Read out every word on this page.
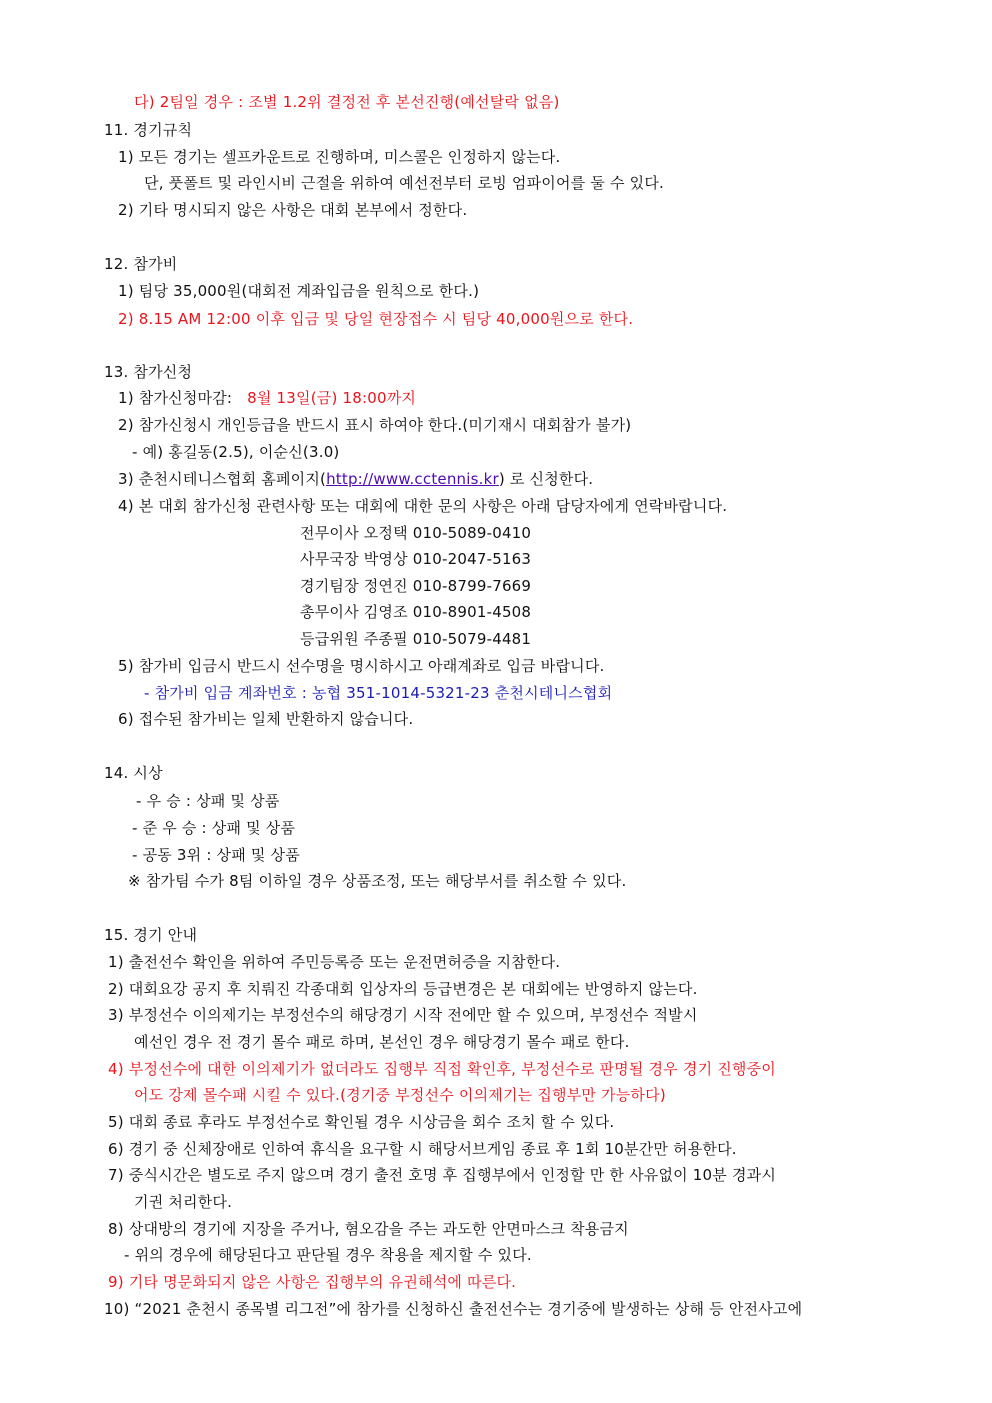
다) 2팀일 경우 : 조별 1.2위 결정전 후 본선진행(예선탈락 없음)
11. 경기규칙
1) 모든 경기는 셀프카운트로 진행하며, 미스콜은 인정하지 않는다.
단, 풋폴트 및 라인시비 근절을 위하여 예선전부터 로빙 엄파이어를 둘 수 있다.
2) 기타 명시되지 않은 사항은 대회 본부에서 정한다.
12. 참가비
1) 팀당 35,000원(대회전 계좌입금을 원칙으로 한다.)
2) 8.15 AM 12:00 이후 입금 및 당일 현장접수 시 팀당 40,000원으로 한다.
13. 참가신청
1) 참가신청마감: 8월 13일(금) 18:00까지
2) 참가신청시 개인등급을 반드시 표시 하여야 한다.(미기재시 대회참가 불가)
- 예) 홍길동(2.5), 이순신(3.0)
3) 춘천시테니스협회 홈페이지(http://www.cctennis.kr) 로 신청한다.
4) 본 대회 참가신청 관련사항 또는 대회에 대한 문의 사항은 아래 담당자에게 연락바랍니다.
전무이사 오정택 010-5089-0410
사무국장 박영상 010-2047-5163
경기팀장 정연진 010-8799-7669
총무이사 김영조 010-8901-4508
등급위원 주종필 010-5079-4481
5) 참가비 입금시 반드시 선수명을 명시하시고 아래계좌로 입금 바랍니다.
- 참가비 입금 계좌번호 : 농협 351-1014-5321-23 춘천시테니스협회
6) 접수된 참가비는 일체 반환하지 않습니다.
14. 시상
- 우 승 : 상패 및 상품
- 준 우 승 : 상패 및 상품
- 공동 3위 : 상패 및 상품
※ 참가팀 수가 8팀 이하일 경우 상품조정, 또는 해당부서를 취소할 수 있다.
15. 경기 안내
1) 출전선수 확인을 위하여 주민등록증 또는 운전면허증을 지참한다.
2) 대회요강 공지 후 치뤄진 각종대회 입상자의 등급변경은 본 대회에는 반영하지 않는다.
3) 부정선수 이의제기는 부정선수의 해당경기 시작 전에만 할 수 있으며, 부정선수 적발시
예선인 경우 전 경기 몰수 패로 하며, 본선인 경우 해당경기 몰수 패로 한다.
4) 부정선수에 대한 이의제기가 없더라도 집행부 직접 확인후, 부정선수로 판명될 경우 경기 진행중이
어도 강제 몰수패 시킬 수 있다.(경기중 부정선수 이의제기는 집행부만 가능하다)
5) 대회 종료 후라도 부정선수로 확인될 경우 시상금을 회수 조치 할 수 있다.
6) 경기 중 신체장애로 인하여 휴식을 요구할 시 해당서브게임 종료 후 1회 10분간만 허용한다.
7) 중식시간은 별도로 주지 않으며 경기 출전 호명 후 집행부에서 인정할 만 한 사유없이 10분 경과시
기권 처리한다.
8) 상대방의 경기에 지장을 주거나, 혐오감을 주는 과도한 안면마스크 착용금지
- 위의 경우에 해당된다고 판단될 경우 착용을 제지할 수 있다.
9) 기타 명문화되지 않은 사항은 집행부의 유권해석에 따른다.
10) “2021 춘천시 종목별 리그전”에 참가를 신청하신 출전선수는 경기중에 발생하는 상해 등 안전사고에
